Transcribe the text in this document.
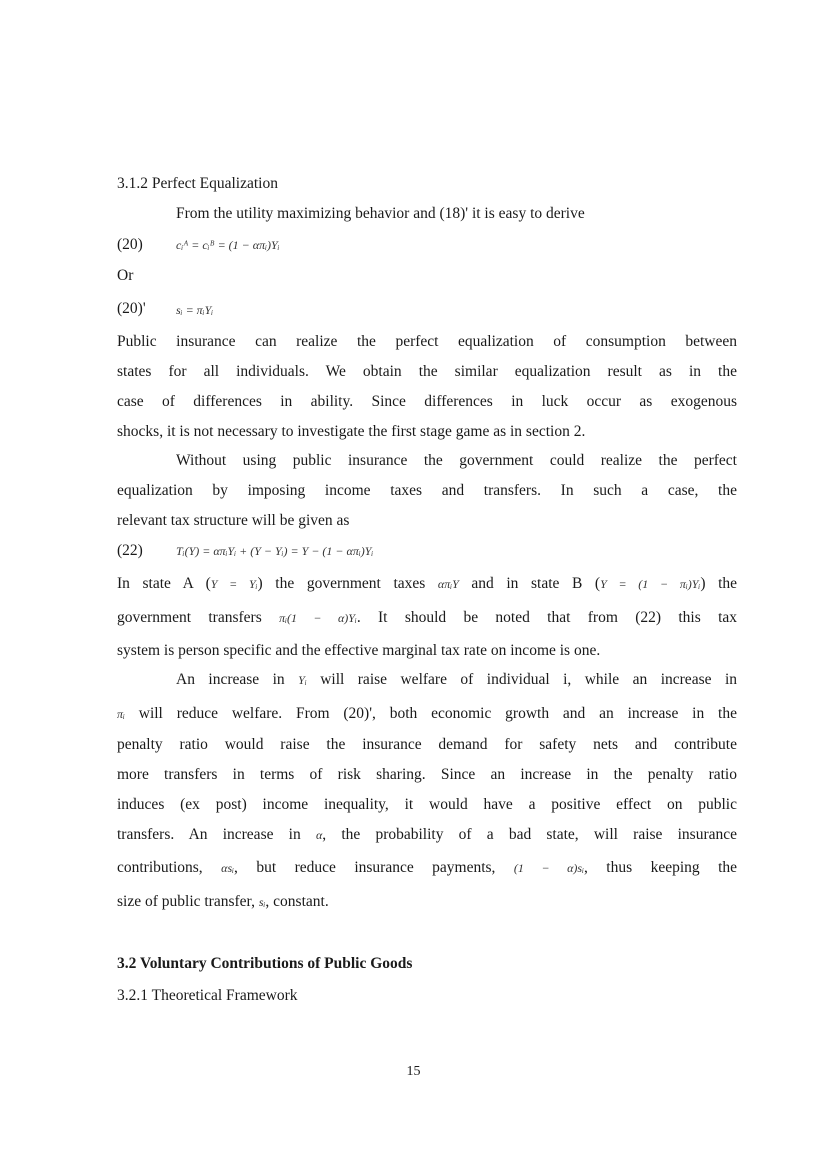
3.1.2 Perfect Equalization
From the utility maximizing behavior and (18)' it is easy to derive
(20)	cᵢᴬ = cᵢᴮ = (1 − απᵢ)Yᵢ
Or
(20)'	sᵢ = πᵢYᵢ
Public insurance can realize the perfect equalization of consumption between
states for all individuals. We obtain the similar equalization result as in the
case of differences in ability. Since differences in luck occur as exogenous
shocks, it is not necessary to investigate the first stage game as in section 2.
Without using public insurance the government could realize the perfect
equalization by imposing income taxes and transfers. In such a case, the
relevant tax structure will be given as
(22)	Tᵢ(Y) = απᵢYᵢ + (Y − Yᵢ) = Y − (1 − απᵢ)Yᵢ
In state A (Y = Yᵢ) the government taxes απᵢY and in state B (Y = (1 − πᵢ)Yᵢ) the
government transfers πᵢ(1 − α)Yᵢ. It should be noted that from (22) this tax
system is person specific and the effective marginal tax rate on income is one.
An increase in Yᵢ will raise welfare of individual i, while an increase in
πᵢ will reduce welfare. From (20)', both economic growth and an increase in the
penalty ratio would raise the insurance demand for safety nets and contribute
more transfers in terms of risk sharing. Since an increase in the penalty ratio
induces (ex post) income inequality, it would have a positive effect on public
transfers. An increase in α, the probability of a bad state, will raise insurance
contributions, αsᵢ, but reduce insurance payments, (1 − α)sᵢ, thus keeping the
size of public transfer, sᵢ, constant.
3.2 Voluntary Contributions of Public Goods
3.2.1 Theoretical Framework
15
